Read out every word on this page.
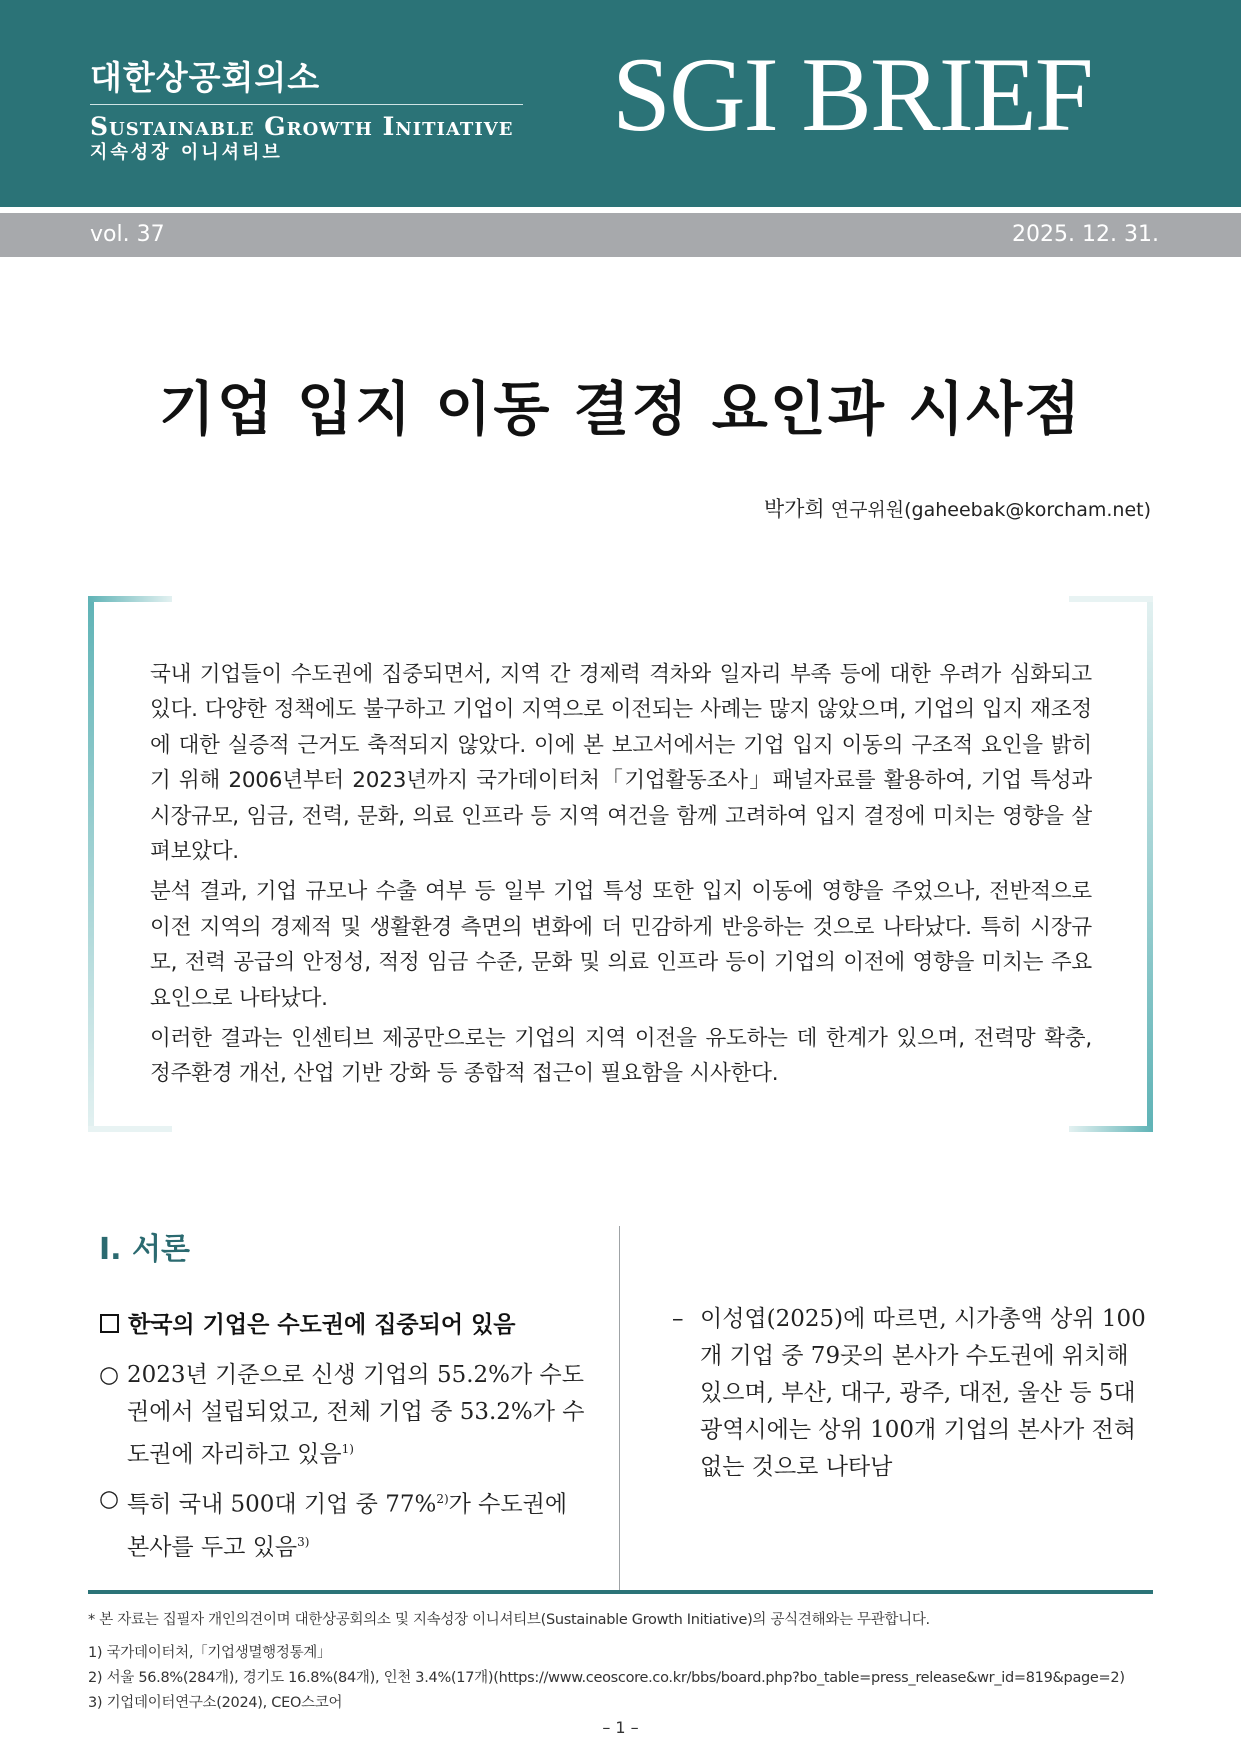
대한상공회의소
Sustainable Growth Initiative
지속성장 이니셔티브	SGI BRIEF
vol. 37	2025. 12. 31.
기업 입지 이동 결정 요인과 시사점
박가희 연구위원(gaheebak@korcham.net)

국내 기업들이 수도권에 집중되면서, 지역 간 경제력 격차와 일자리 부족 등에 대한 우려가 심화되고 있다. 다양한 정책에도 불구하고 기업이 지역으로 이전되는 사례는 많지 않았으며, 기업의 입지 재조정에 대한 실증적 근거도 축적되지 않았다. 이에 본 보고서에서는 기업 입지 이동의 구조적 요인을 밝히기 위해 2006년부터 2023년까지 국가데이터처「기업활동조사」패널자료를 활용하여, 기업 특성과 시장규모, 임금, 전력, 문화, 의료 인프라 등 지역 여건을 함께 고려하여 입지 결정에 미치는 영향을 살펴보았다.

분석 결과, 기업 규모나 수출 여부 등 일부 기업 특성 또한 입지 이동에 영향을 주었으나, 전반적으로 이전 지역의 경제적 및 생활환경 측면의 변화에 더 민감하게 반응하는 것으로 나타났다. 특히 시장규모, 전력 공급의 안정성, 적정 임금 수준, 문화 및 의료 인프라 등이 기업의 이전에 영향을 미치는 주요 요인으로 나타났다.

이러한 결과는 인센티브 제공만으로는 기업의 지역 이전을 유도하는 데 한계가 있으며, 전력망 확충, 정주환경 개선, 산업 기반 강화 등 종합적 접근이 필요함을 시사한다.

Ⅰ. 서론
한국의 기업은 수도권에 집중되어 있음
○ 2023년 기준으로 신생 기업의 55.2%가 수도권에서 설립되었고, 전체 기업 중 53.2%가 수도권에 자리하고 있음$^{1)}$
○ 특히 국내 500대 기업 중 77%$^{2)}$가 수도권에 본사를 두고 있음$^{3)}$
– 이성엽(2025)에 따르면, 시가총액 상위 100개 기업 중 79곳의 본사가 수도권에 위치해 있으며, 부산, 대구, 광주, 대전, 울산 등 5대 광역시에는 상위 100개 기업의 본사가 전혀 없는 것으로 나타남
* 본 자료는 집필자 개인의견이며 대한상공회의소 및 지속성장 이니셔티브(Sustainable Growth Initiative)의 공식견해와는 무관합니다.
1) 국가데이터처,「기업생멸행정통계」
2) 서울 56.8%(284개), 경기도 16.8%(84개), 인천 3.4%(17개)(https://www.ceoscore.co.kr/bbs/board.php?bo_table=press_release&wr_id=819&page=2)
3) 기업데이터연구소(2024), CEO스코어
– 1 –
